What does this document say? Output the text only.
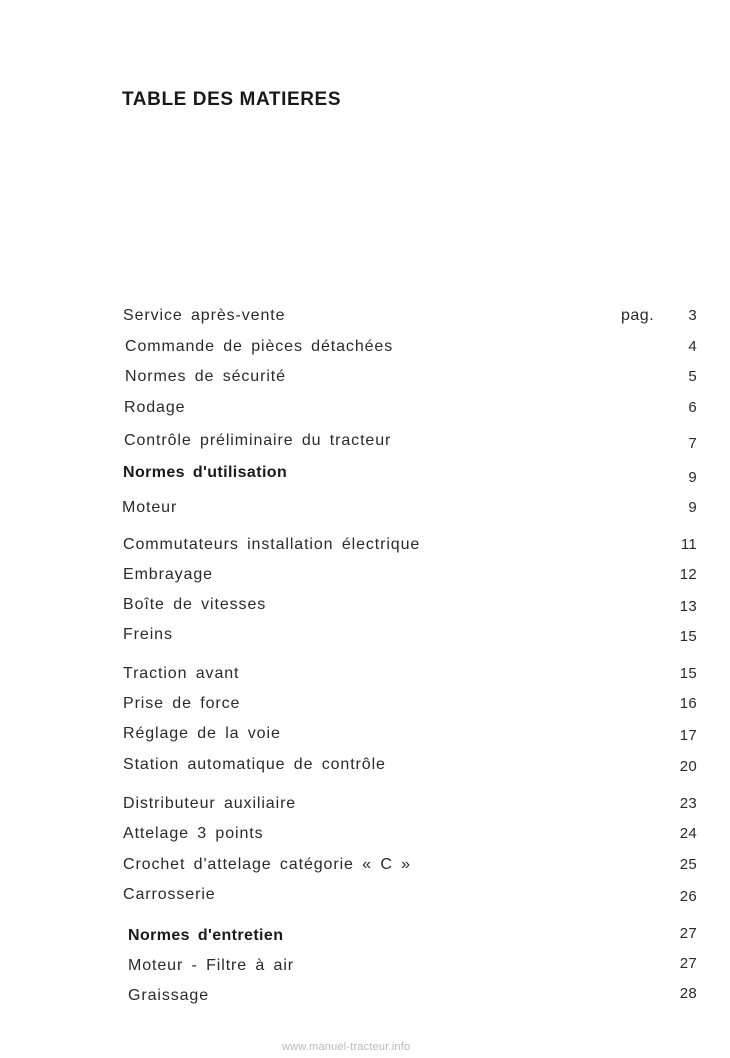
TABLE DES MATIERES
Service après-vente	pag. 3
Commande de pièces détachées	4
Normes de sécurité	5
Rodage	6
Contrôle préliminaire du tracteur	7
Normes d'utilisation	9
Moteur	9
Commutateurs installation électrique	11
Embrayage	12
Boîte de vitesses	13
Freins	15
Traction avant	15
Prise de force	16
Réglage de la voie	17
Station automatique de contrôle	20
Distributeur auxiliaire	23
Attelage 3 points	24
Crochet d'attelage catégorie « C »	25
Carrosserie	26
Normes d'entretien	27
Moteur - Filtre à air	27
Graissage	28
www.manuel-tracteur.info
